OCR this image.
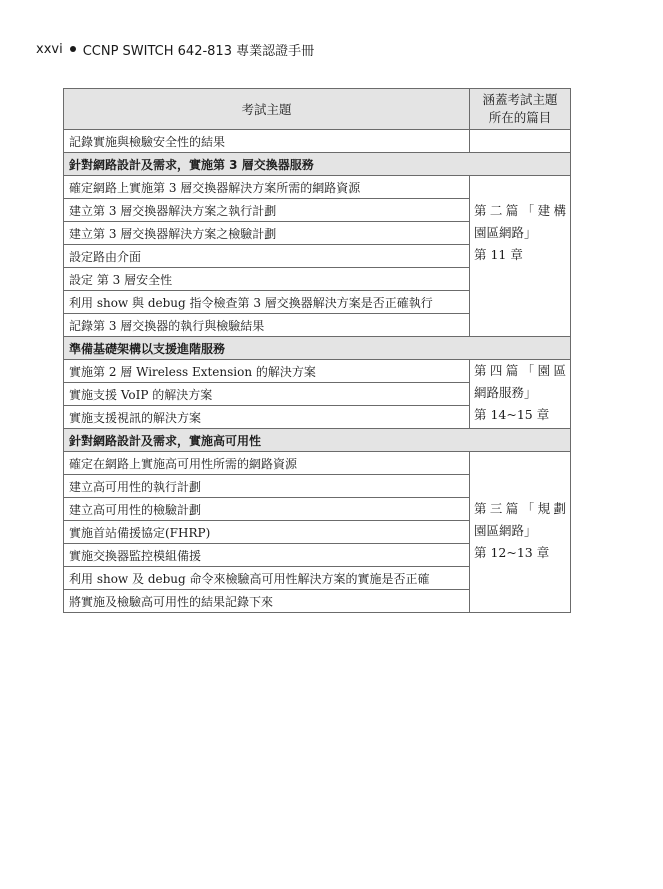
xxvi CCNP SWITCH 642-813 專業認證手冊
考試主題	涵蓋考試主題
所在的篇目

記錄實施與檢驗安全性的結果	
針對網路設計及需求，實施第 3 層交換器服務	
確定網路上實施第 3 層交換器解決方案所需的網路資源	第二篇「建構
園區網路」
第 11 章

建立第 3 層交換器解決方案之執行計劃	
建立第 3 層交換器解決方案之檢驗計劃	
設定路由介面	
設定 第 3 層安全性	
利用 show 與 debug 指令檢查第 3 層交換器解決方案是否正確執行	
記錄第 3 層交換器的執行與檢驗結果	
準備基礎架構以支援進階服務	
實施第 2 層 Wireless Extension 的解決方案	第四篇「園區
網路服務」
第 14~15 章

實施支援 VoIP 的解決方案	
實施支援視訊的解決方案	
針對網路設計及需求，實施高可用性	
確定在網路上實施高可用性所需的網路資源	第三篇「規劃
園區網路」
第 12~13 章

建立高可用性的執行計劃	
建立高可用性的檢驗計劃	
實施首站備援協定(FHRP)	
實施交換器監控模組備援	
利用 show 及 debug 命令來檢驗高可用性解決方案的實施是否正確	
將實施及檢驗高可用性的結果記錄下來	
